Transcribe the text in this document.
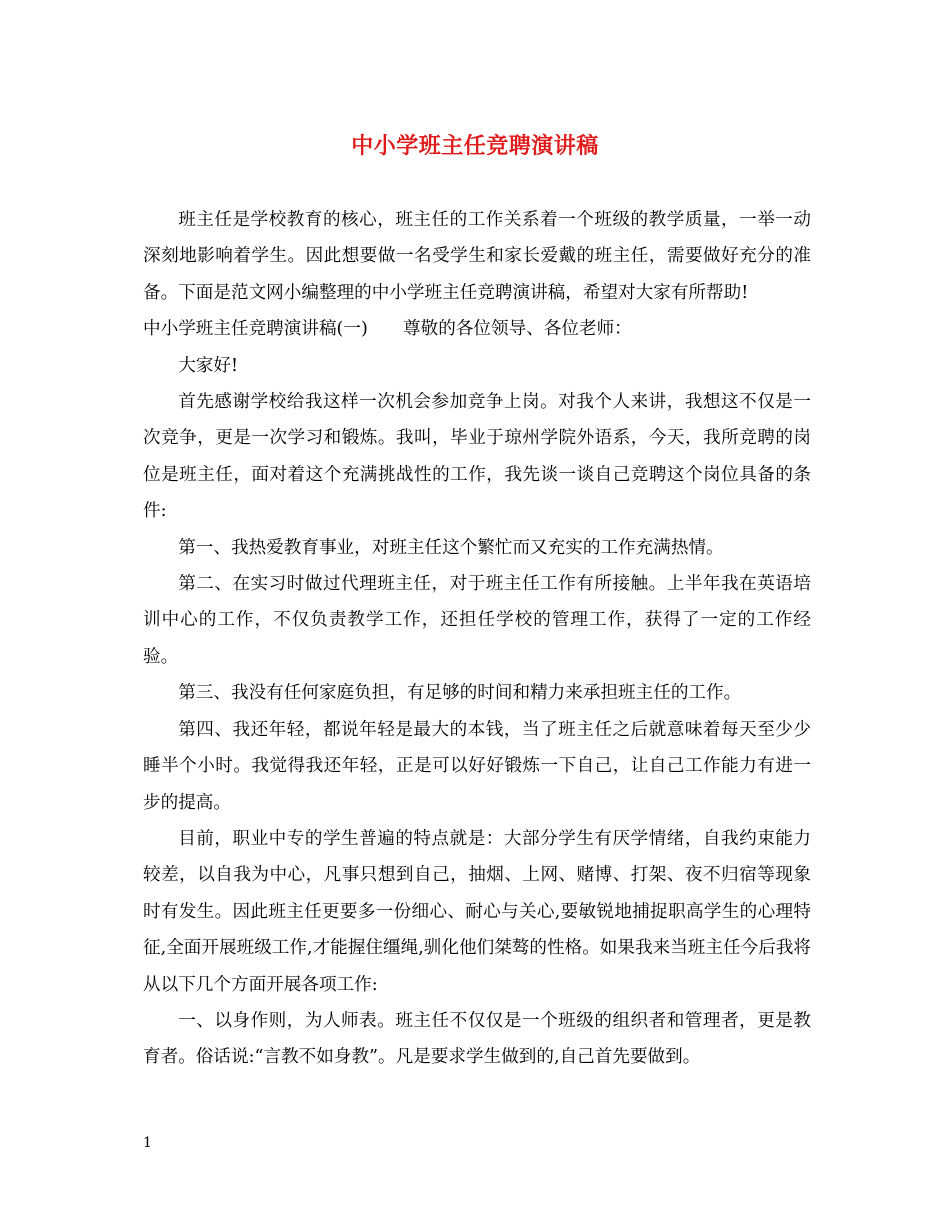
中小学班主任竞聘演讲稿

班主任是学校教育的核心，班主任的工作关系着一个班级的教学质量，一举一动深刻地影响着学生。因此想要做一名受学生和家长爱戴的班主任，需要做好充分的准备。下面是范文网小编整理的中小学班主任竞聘演讲稿，希望对大家有所帮助!

中小学班主任竞聘演讲稿(一)　　尊敬的各位领导、各位老师：

大家好!

首先感谢学校给我这样一次机会参加竞争上岗。对我个人来讲，我想这不仅是一次竞争，更是一次学习和锻炼。我叫，毕业于琼州学院外语系，今天，我所竞聘的岗位是班主任，面对着这个充满挑战性的工作，我先谈一谈自己竞聘这个岗位具备的条件:

第一、我热爱教育事业，对班主任这个繁忙而又充实的工作充满热情。

第二、在实习时做过代理班主任，对于班主任工作有所接触。上半年我在英语培训中心的工作，不仅负责教学工作，还担任学校的管理工作，获得了一定的工作经验。

第三、我没有任何家庭负担，有足够的时间和精力来承担班主任的工作。

第四、我还年轻，都说年轻是最大的本钱，当了班主任之后就意味着每天至少少睡半个小时。我觉得我还年轻，正是可以好好锻炼一下自己，让自己工作能力有进一步的提高。

目前，职业中专的学生普遍的特点就是：大部分学生有厌学情绪，自我约束能力较差，以自我为中心，凡事只想到自己，抽烟、上网、赌博、打架、夜不归宿等现象时有发生。因此班主任更要多一份细心、耐心与关心,要敏锐地捕捉职高学生的心理特征,全面开展班级工作,才能握住缰绳,驯化他们桀骜的性格。如果我来当班主任今后我将从以下几个方面开展各项工作:

一、以身作则，为人师表。班主任不仅仅是一个班级的组织者和管理者，更是教育者。俗话说:“言教不如身教”。凡是要求学生做到的,自己首先要做到。

1
